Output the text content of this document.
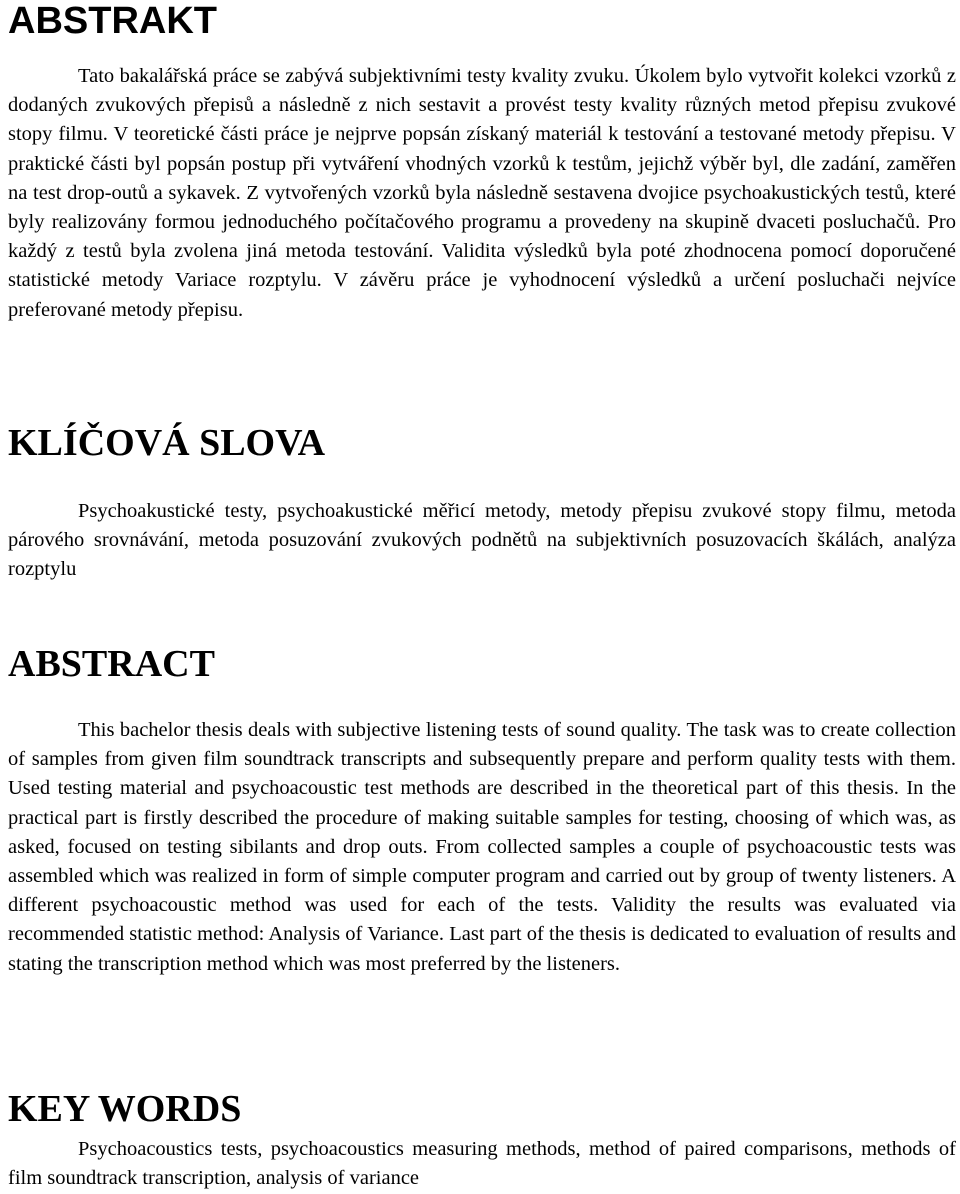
ABSTRAKT

Tato bakalářská práce se zabývá subjektivními testy kvality zvuku. Úkolem bylo vytvořit kolekci vzorků z dodaných zvukových přepisů a následně z nich sestavit a provést testy kvality různých metod přepisu zvukové stopy filmu. V teoretické části práce je nejprve popsán získaný materiál k testování a testované metody přepisu. V praktické části byl popsán postup při vytváření vhodných vzorků k testům, jejichž výběr byl, dle zadání, zaměřen na test drop-outů a sykavek. Z vytvořených vzorků byla následně sestavena dvojice psychoakustických testů, které byly realizovány formou jednoduchého počítačového programu a provedeny na skupině dvaceti posluchačů. Pro každý z testů byla zvolena jiná metoda testování. Validita výsledků byla poté zhodnocena pomocí doporučené statistické metody Variace rozptylu. V závěru práce je vyhodnocení výsledků a určení posluchači nejvíce preferované metody přepisu.

KLÍČOVÁ SLOVA

Psychoakustické testy, psychoakustické měřicí metody, metody přepisu zvukové stopy filmu, metoda párového srovnávání, metoda posuzování zvukových podnětů na subjektivních posuzovacích škálách, analýza rozptylu

ABSTRACT

This bachelor thesis deals with subjective listening tests of sound quality. The task was to create collection of samples from given film soundtrack transcripts and subsequently prepare and perform quality tests with them. Used testing material and psychoacoustic test methods are described in the theoretical part of this thesis. In the practical part is firstly described the procedure of making suitable samples for testing, choosing of which was, as asked, focused on testing sibilants and drop outs. From collected samples a couple of psychoacoustic tests was assembled which was realized in form of simple computer program and carried out by group of twenty listeners. A different psychoacoustic method was used for each of the tests. Validity the results was evaluated via recommended statistic method: Analysis of Variance. Last part of the thesis is dedicated to evaluation of results and stating the transcription method which was most preferred by the listeners.

KEY WORDS

Psychoacoustics tests, psychoacoustics measuring methods, method of paired comparisons, methods of film soundtrack transcription, analysis of variance
